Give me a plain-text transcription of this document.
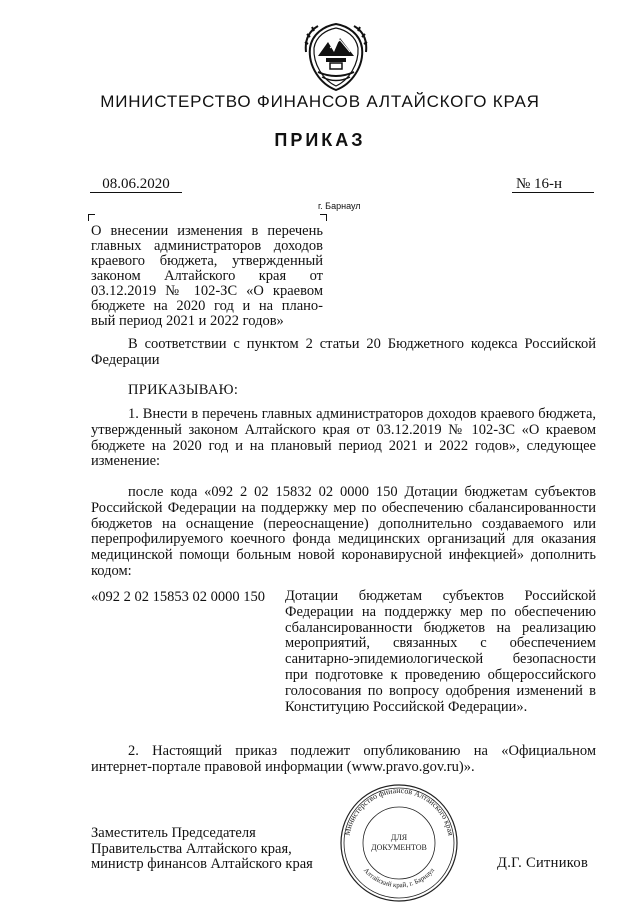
МИНИСТЕРСТВО ФИНАНСОВ АЛТАЙСКОГО КРАЯ
ПРИКАЗ
08.06.2020	№ 16-н
г. Барнаул
О внесении изменения в перечень
главных администраторов доходов
краевого бюджета, утвержденный
законом Алтайского края от
03.12.2019 № 102-ЗС «О краевом
бюджете на 2020 год и на плано-
вый период 2021 и 2022 годов»
В соответствии с пунктом 2 статьи 20 Бюджетного кодекса Российской Федерации
ПРИКАЗЫВАЮ:
1. Внести в перечень главных администраторов доходов краевого бюджета, утвержденный законом Алтайского края от 03.12.2019 № 102-ЗС «О краевом бюджете на 2020 год и на плановый период 2021 и 2022 годов», следующее изменение:
после кода «092 2 02 15832 02 0000 150 Дотации бюджетам субъектов Российской Федерации на поддержку мер по обеспечению сбалансированности бюджетов на оснащение (переоснащение) дополнительно создаваемого или перепрофилируемого коечного фонда медицинских организаций для оказания медицинской помощи больным новой коронавирусной инфекцией» дополнить кодом:
«092 2 02 15853 02 0000 150 Дотации бюджетам субъектов Российской Федерации на поддержку мер по обеспечению сбалансированности бюджетов на реализацию мероприятий, связанных с обеспечением санитарно-эпидемиологической безопасности при подготовке к проведению общероссийского голосования по вопросу одобрения изменений в Конституцию Российской Федерации».
2. Настоящий приказ подлежит опубликованию на «Официальном интернет-портале правовой информации (www.pravo.gov.ru)».
Министерство финансов Алтайского края
Алтайский край, г. Барнаул
ДЛЯ
ДОКУМЕНТОВ
Заместитель Председателя
Правительства Алтайского края,
министр финансов Алтайского края	Д.Г. Ситников
